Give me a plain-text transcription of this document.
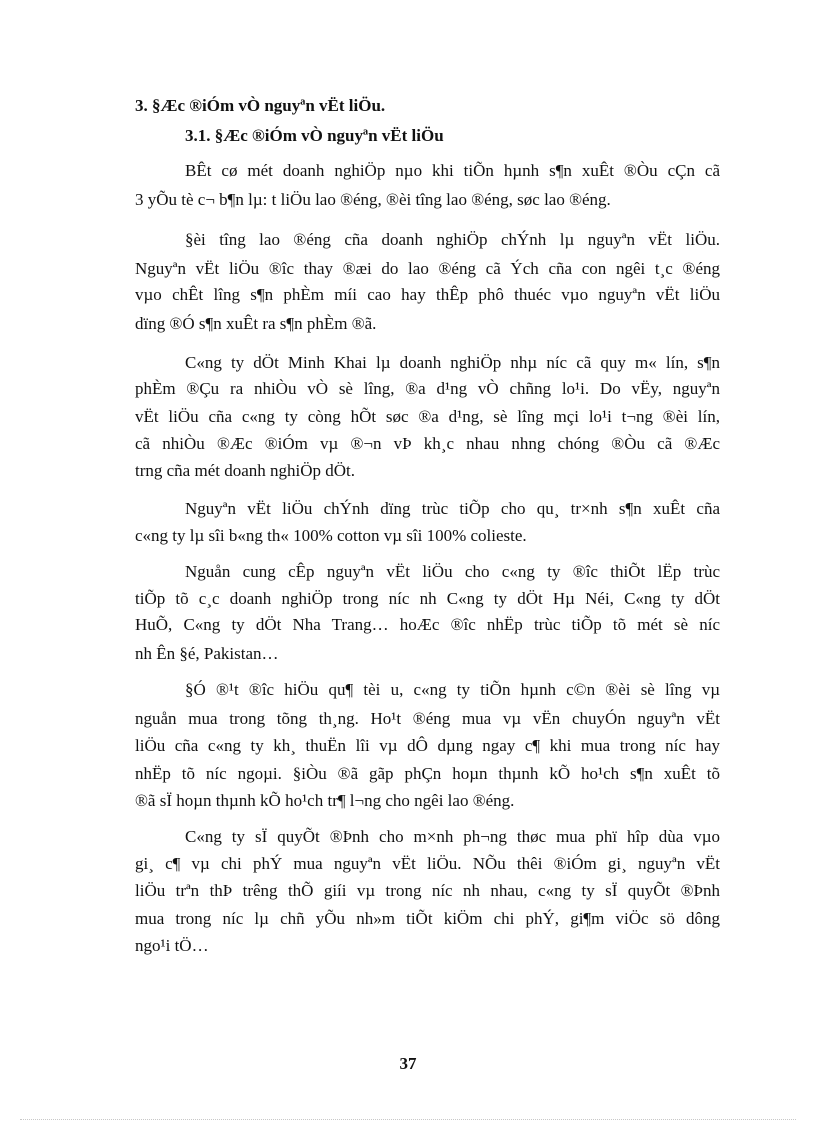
3. §Æc ®iÓm vÒ nguyªn vËt liÖu.
3.1. §Æc ®iÓm vÒ nguyªn vËt liÖu
BÊt cø mét doanh nghiÖp nµo khi tiÕn hµnh s¶n xuÊt ®Òu cÇn cã
3 yÕu tè c¬ b¶n lµ: t liÖu lao ®éng, ®èi tîng lao ®éng, søc lao ®éng.
§èi tîng lao ®éng cña doanh nghiÖp chÝnh lµ nguyªn vËt liÖu.
Nguyªn vËt liÖu ®îc thay ®æi do lao ®éng cã Ých cña con ngêi t¸c ®éng
vµo chÊt lîng s¶n phÈm míi cao hay thÊp phô thuéc vµo nguyªn vËt liÖu
dïng ®Ó s¶n xuÊt ra s¶n phÈm ®ã.
C«ng ty dÖt Minh Khai lµ doanh nghiÖp nhµ níc cã quy m« lín, s¶n
phÈm ®Çu ra nhiÒu vÒ sè lîng, ®a d¹ng vÒ chñng lo¹i. Do vËy, nguyªn
vËt liÖu cña c«ng ty còng hÕt søc ®a d¹ng, sè lîng mçi lo¹i t¬ng ®èi lín,
cã nhiÒu ®Æc ®iÓm vµ ®¬n vÞ kh¸c nhau nhng chóng ®Òu cã ®Æc
trng cña mét doanh nghiÖp dÖt.
Nguyªn vËt liÖu chÝnh dïng trùc tiÕp cho qu¸ tr×nh s¶n xuÊt cña
c«ng ty lµ sîi b«ng th« 100% cotton vµ sîi 100% colieste.
Nguån cung cÊp nguyªn vËt liÖu cho c«ng ty ®îc thiÕt lËp trùc
tiÕp tõ c¸c doanh nghiÖp trong níc nh C«ng ty dÖt Hµ Néi, C«ng ty dÖt
HuÕ, C«ng ty dÖt Nha Trang… hoÆc ®îc nhËp trùc tiÕp tõ mét sè níc
nh Ên §é, Pakistan…
§Ó ®¹t ®îc hiÖu qu¶ tèi u, c«ng ty tiÕn hµnh c©n ®èi sè lîng vµ
nguån mua trong tõng th¸ng. Ho¹t ®éng mua vµ vËn chuyÓn nguyªn vËt
liÖu cña c«ng ty kh¸ thuËn lîi vµ dÔ dµng ngay c¶ khi mua trong níc hay
nhËp tõ níc ngoµi. §iÒu ®ã gãp phÇn hoµn thµnh kÕ ho¹ch s¶n xuÊt tõ
®ã sÏ hoµn thµnh kÕ ho¹ch tr¶ l¬ng cho ngêi lao ®éng.
C«ng ty sÏ quyÕt ®Þnh cho m×nh ph¬ng thøc mua phï hîp dùa vµo
gi¸ c¶ vµ chi phÝ mua nguyªn vËt liÖu. NÕu thêi ®iÓm gi¸ nguyªn vËt
liÖu trªn thÞ trêng thÕ giíi vµ trong níc nh nhau, c«ng ty sÏ quyÕt ®Þnh
mua trong níc lµ chñ yÕu nh»m tiÕt kiÖm chi phÝ, gi¶m viÖc sö dông
ngo¹i tÖ…
37
